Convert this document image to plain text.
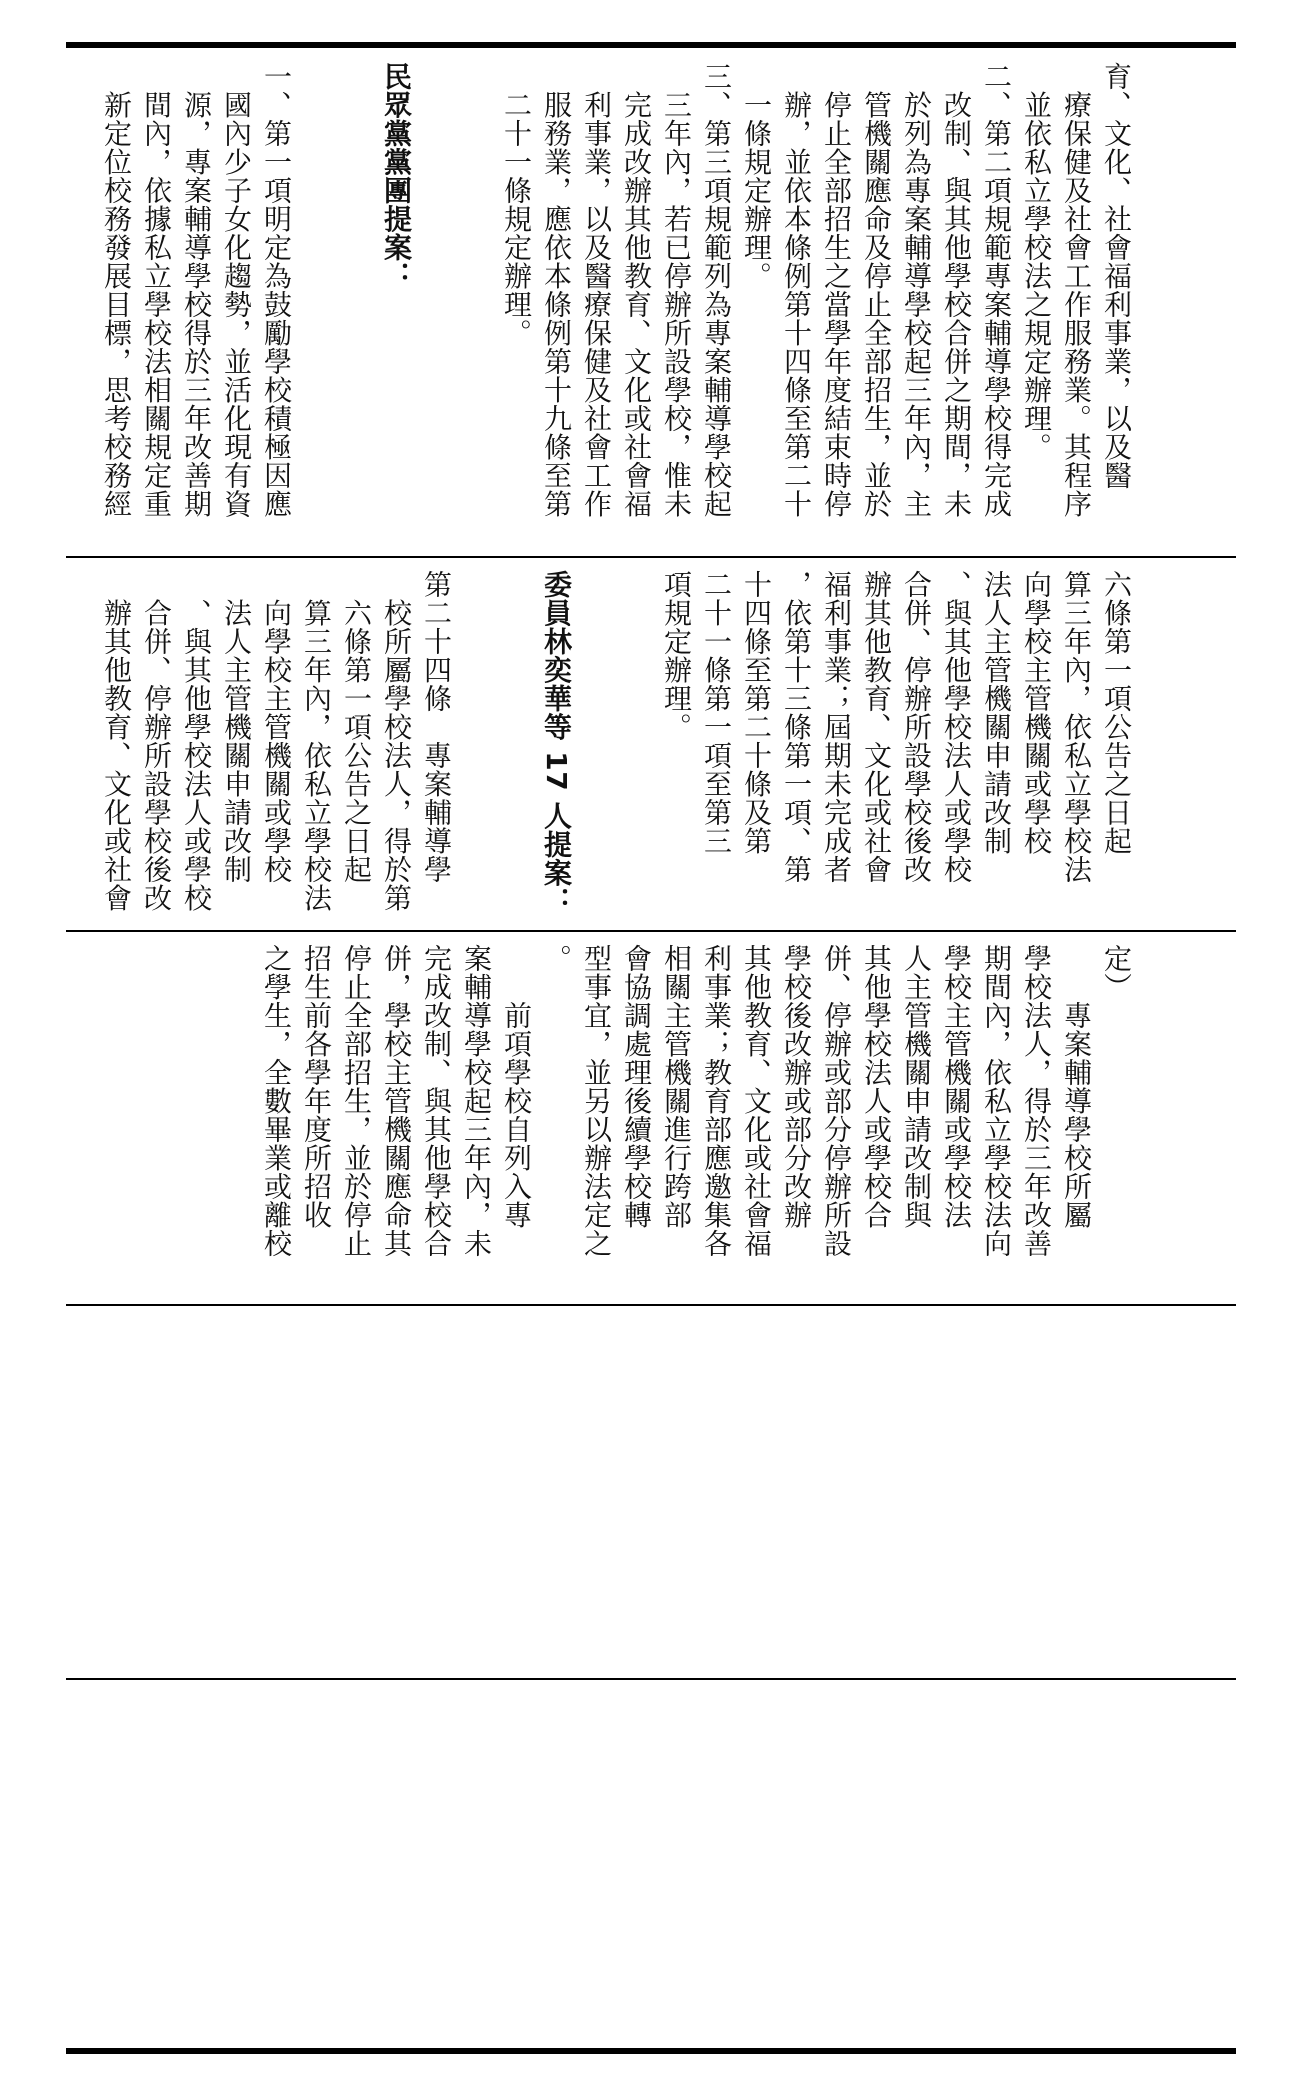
育、文化、社會福利事業，以及醫
　療保健及社會工作服務業。其程序
　並依私立學校法之規定辦理。
二、第二項規範專案輔導學校得完成
　改制、與其他學校合併之期間，未
　於列為專案輔導學校起三年內，主
　管機關應命及停止全部招生，並於
　停止全部招生之當學年度結束時停
　辦，並依本條例第十四條至第二十
　一條規定辦理。
三、第三項規範列為專案輔導學校起
　三年內，若已停辦所設學校，惟未
　完成改辦其他教育、文化或社會福
　利事業，以及醫療保健及社會工作
　服務業，應依本條例第十九條至第
　二十一條規定辦理。

民眾黨黨團提案：

一、第一項明定為鼓勵學校積極因應
　國內少子女化趨勢，並活化現有資
　源，專案輔導學校得於三年改善期
　間內，依據私立學校法相關規定重
　新定位校務發展目標，思考校務經

六條第一項公告之日起
算三年內，依私立學校法
向學校主管機關或學校
法人主管機關申請改制
、與其他學校法人或學校
合併、停辦所設學校後改
辦其他教育、文化或社會
福利事業；屆期未完成者
，依第十三條第一項、第
十四條至第二十條及第
二十一條第一項至第三
項規定辦理。

委員林奕華等 17 人提案：

第二十四條　專案輔導學
　校所屬學校法人，得於第
　六條第一項公告之日起
　算三年內，依私立學校法
　向學校主管機關或學校
　法人主管機關申請改制
　、與其他學校法人或學校
　合併、停辦所設學校後改
　辦其他教育、文化或社會

定）
　　專案輔導學校所屬
學校法人，得於三年改善
期間內，依私立學校法向
學校主管機關或學校法
人主管機關申請改制與
其他學校法人或學校合
併、停辦或部分停辦所設
學校後改辦或部分改辦
其他教育、文化或社會福
利事業；教育部應邀集各
相關主管機關進行跨部
會協調處理後續學校轉
型事宜，並另以辦法定之
。
　　前項學校自列入專
案輔導學校起三年內，未
完成改制、與其他學校合
併，學校主管機關應命其
停止全部招生，並於停止
招生前各學年度所招收
之學生，全數畢業或離校
